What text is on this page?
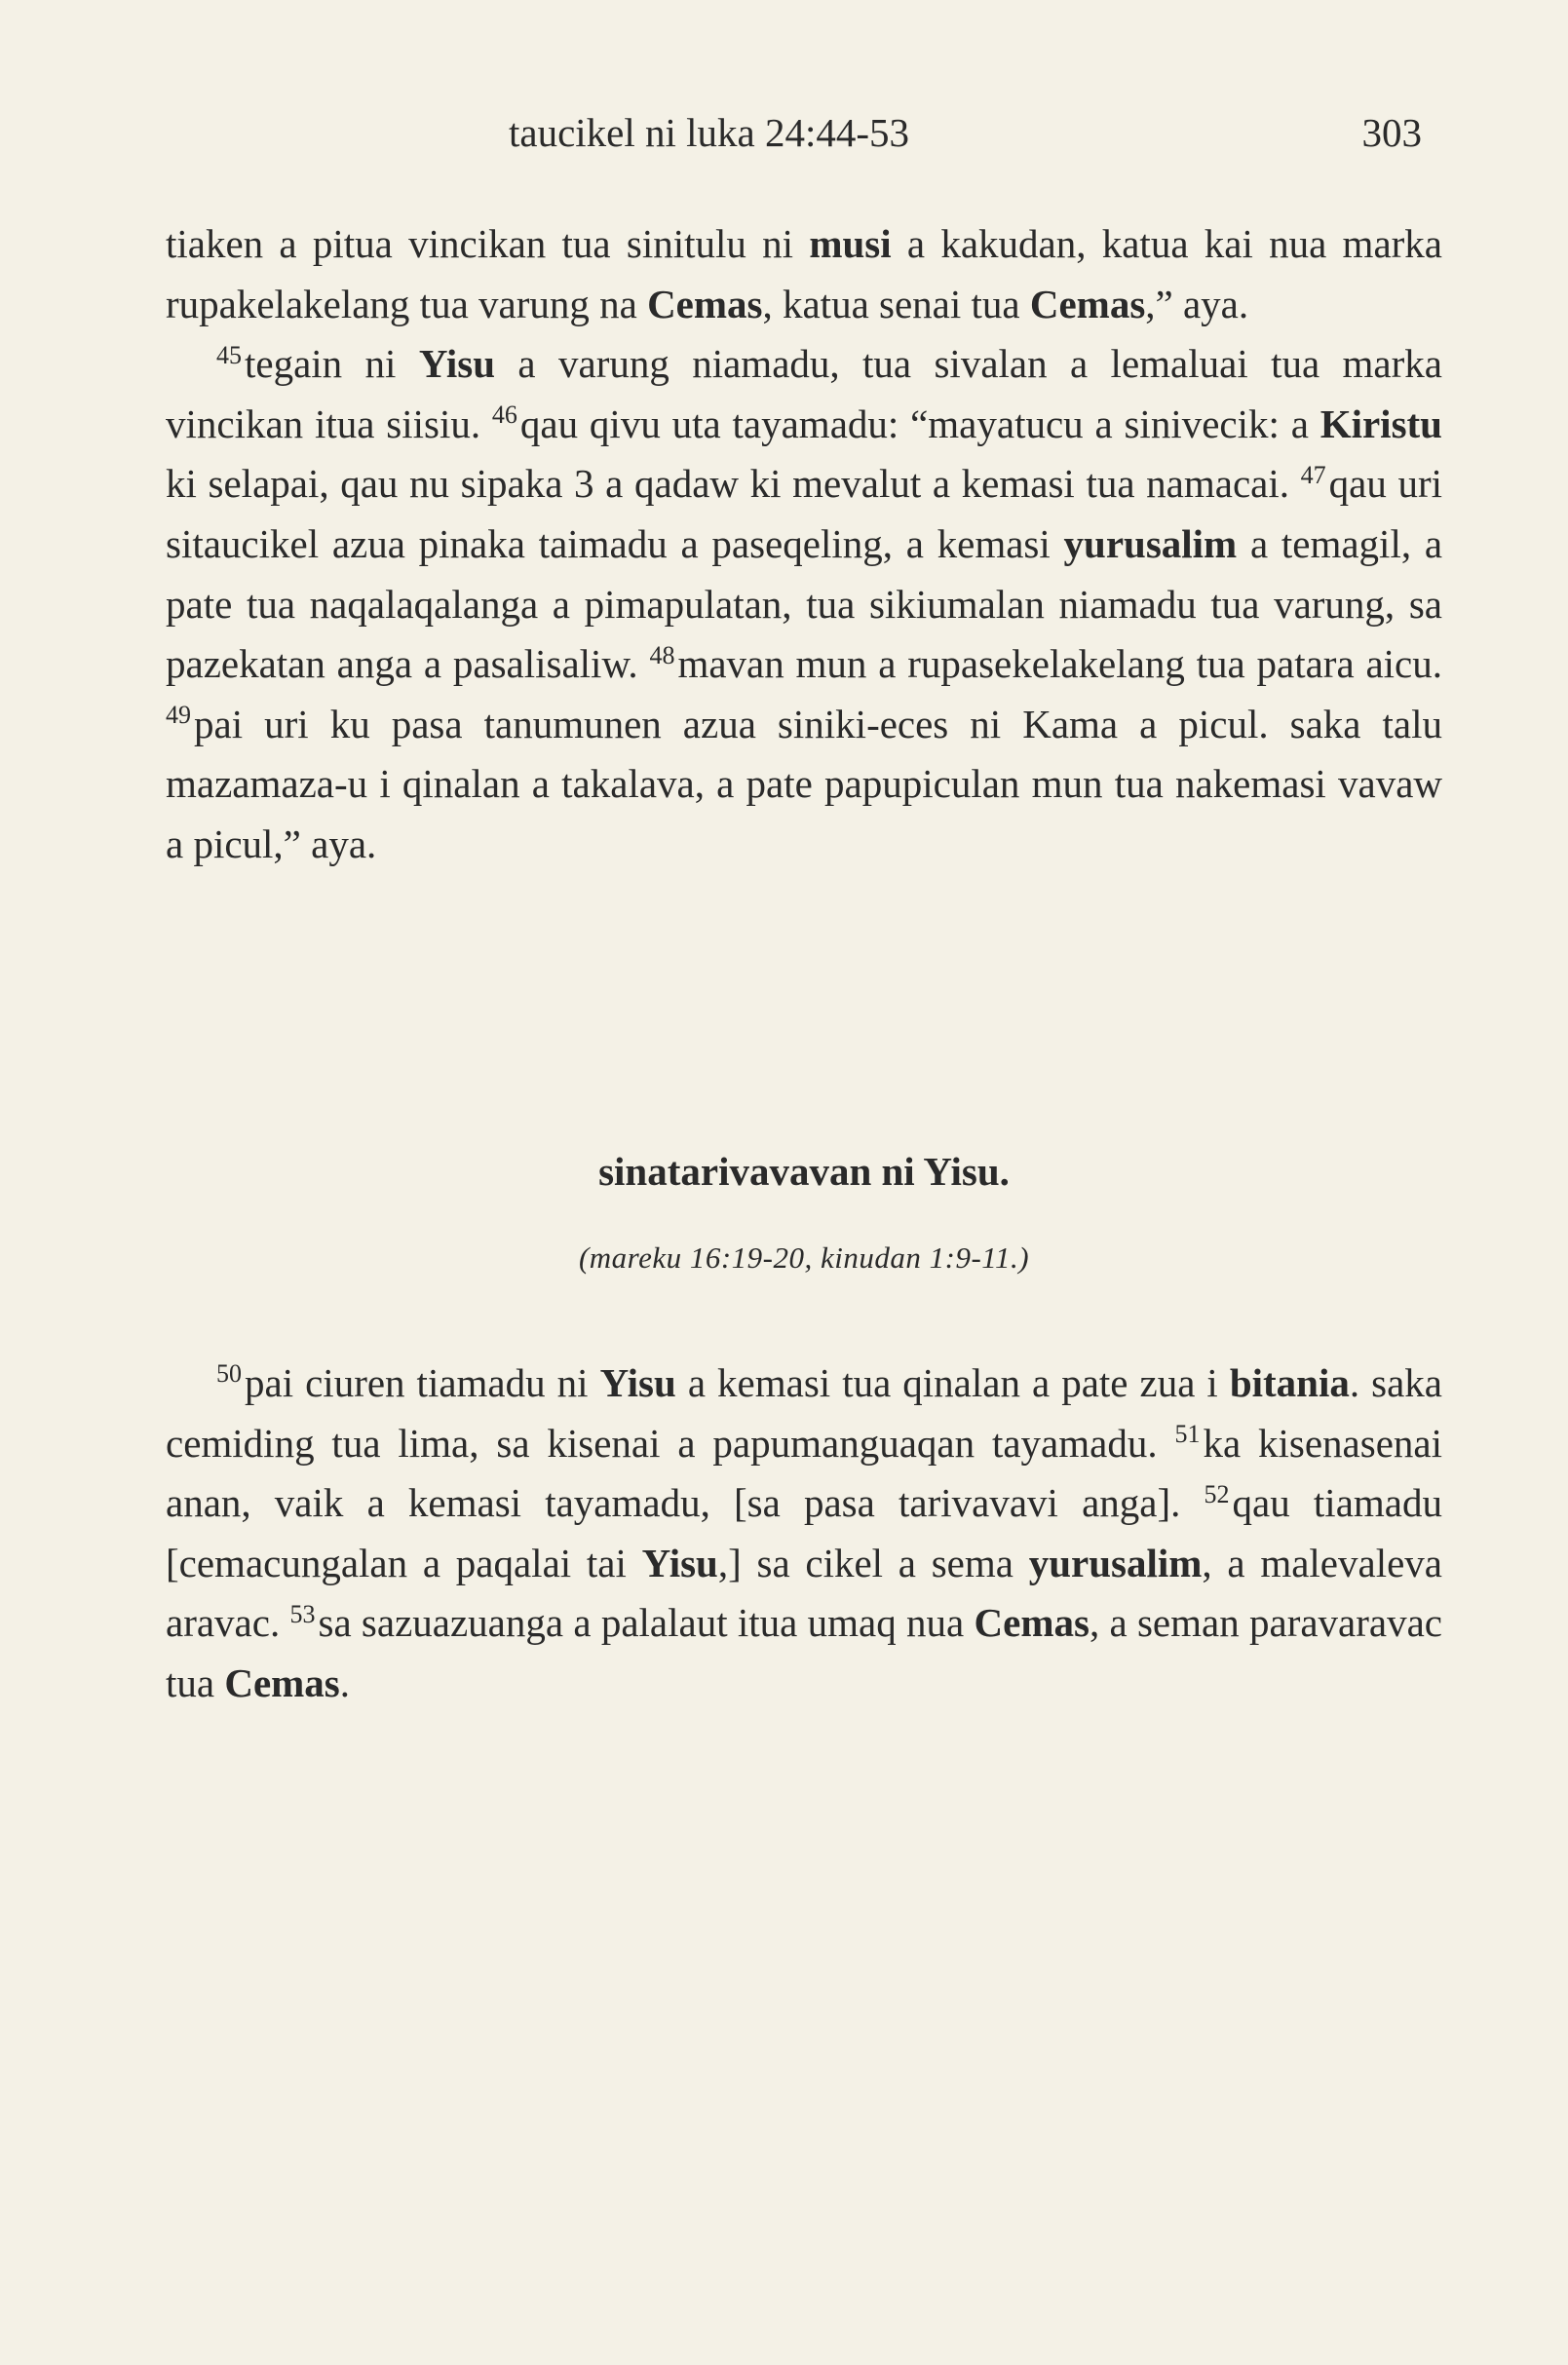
taucikel ni luka 24:44-53	303

tiaken a pitua vincikan tua sinitulu ni musi a kakudan, katua kai nua marka rupakelakelang tua varung na Cemas, katua senai tua Cemas,” aya.

$^{45}$tegain ni Yisu a varung niamadu, tua sivalan a lemaluai tua marka vincikan itua siisiu. $^{46}$qau qivu uta tayamadu: “mayatucu a sinivecik: a Kiristu ki selapai, qau nu sipaka 3 a qadaw ki mevalut a kemasi tua namacai. $^{47}$qau uri sitaucikel azua pinaka taimadu a paseqeling, a kemasi yurusalim a temagil, a pate tua naqalaqalanga a pimapulatan, tua sikiumalan niamadu tua varung, sa pazekatan anga a pasalisaliw. $^{48}$mavan mun a rupasekelakelang tua patara aicu. $^{49}$pai uri ku pasa tanumunen azua siniki-eces ni Kama a picul. saka talu mazamaza-u i qinalan a takalava, a pate papupiculan mun tua nakemasi vavaw a picul,” aya.

sinatarivavavan ni Yisu.
(mareku 16:19-20, kinudan 1:9-11.)

$^{50}$pai ciuren tiamadu ni Yisu a kemasi tua qinalan a pate zua i bitania. saka cemiding tua lima, sa kisenai a papumanguaqan tayamadu. $^{51}$ka kisenasenai anan, vaik a kemasi tayamadu, [sa pasa tarivavavi anga]. $^{52}$qau tiamadu [cemacungalan a paqalai tai Yisu,] sa cikel a sema yurusalim, a malevaleva aravac. $^{53}$sa sazuazuanga a palalaut itua umaq nua Cemas, a seman paravaravac tua Cemas.
